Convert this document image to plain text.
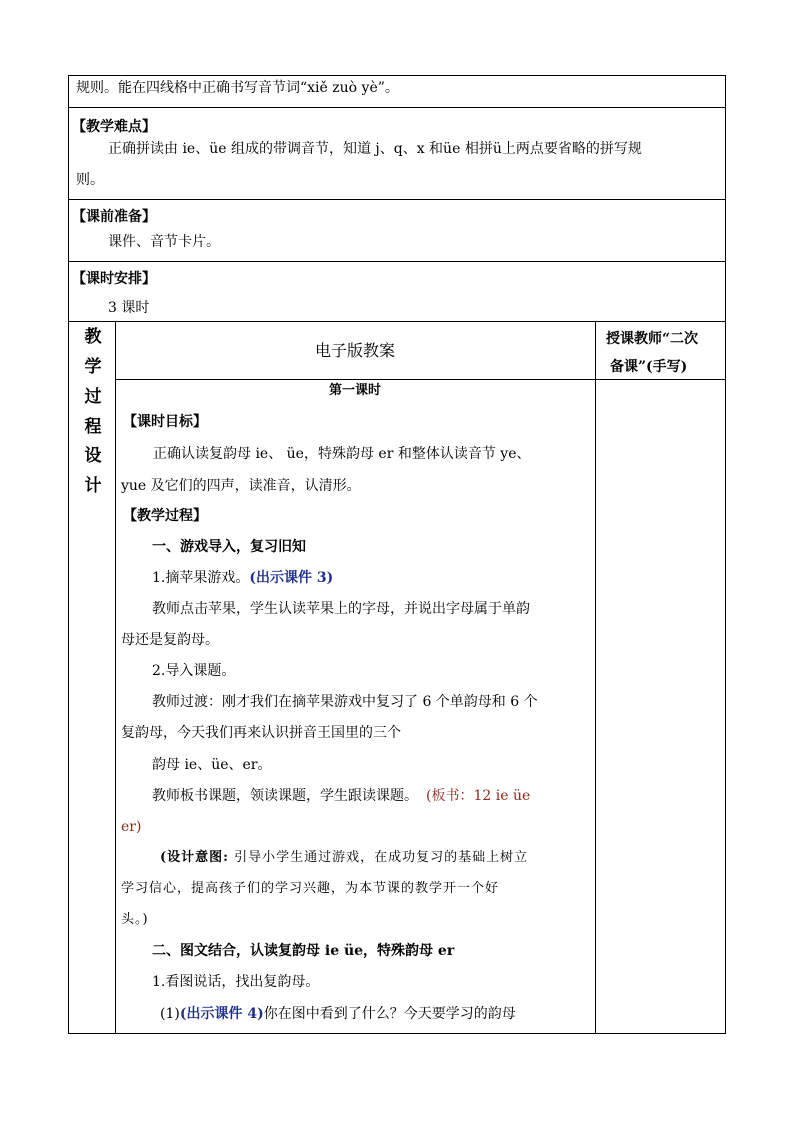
规则。能在四线格中正确书写音节词“xiě zuò yè”。
【教学难点】
正确拼读由 ie、üe 组成的带调音节，知道 j、q、x 和üe 相拼ü上两点要省略的拼写规
则。
【课前准备】
课件、音节卡片。
【课时安排】
3 课时
教
学
过
程
设
计
电子版教案
授课教师“二次
备课”(手写)
第一课时
【课时目标】
正确认读复韵母 ie、 üe，特殊韵母 er 和整体认读音节 ye、
yue 及它们的四声，读准音，认清形。
【教学过程】
一、游戏导入，复习旧知
1.摘苹果游戏。(出示课件 3)
教师点击苹果，学生认读苹果上的字母，并说出字母属于单韵
母还是复韵母。
2.导入课题。
教师过渡：刚才我们在摘苹果游戏中复习了 6 个单韵母和 6 个
复韵母，今天我们再来认识拼音王国里的三个
韵母 ie、üe、er。
教师板书课题，领读课题，学生跟读课题。 (板书：12 ie üe
er)
(设计意图: 引导小学生通过游戏，在成功复习的基础上树立
学习信心，提高孩子们的学习兴趣，为本节课的教学开一个好
头。)
二、图文结合，认读复韵母 ie üe，特殊韵母 er
1.看图说话，找出复韵母。
(1)(出示课件 4)你在图中看到了什么？今天要学习的韵母
